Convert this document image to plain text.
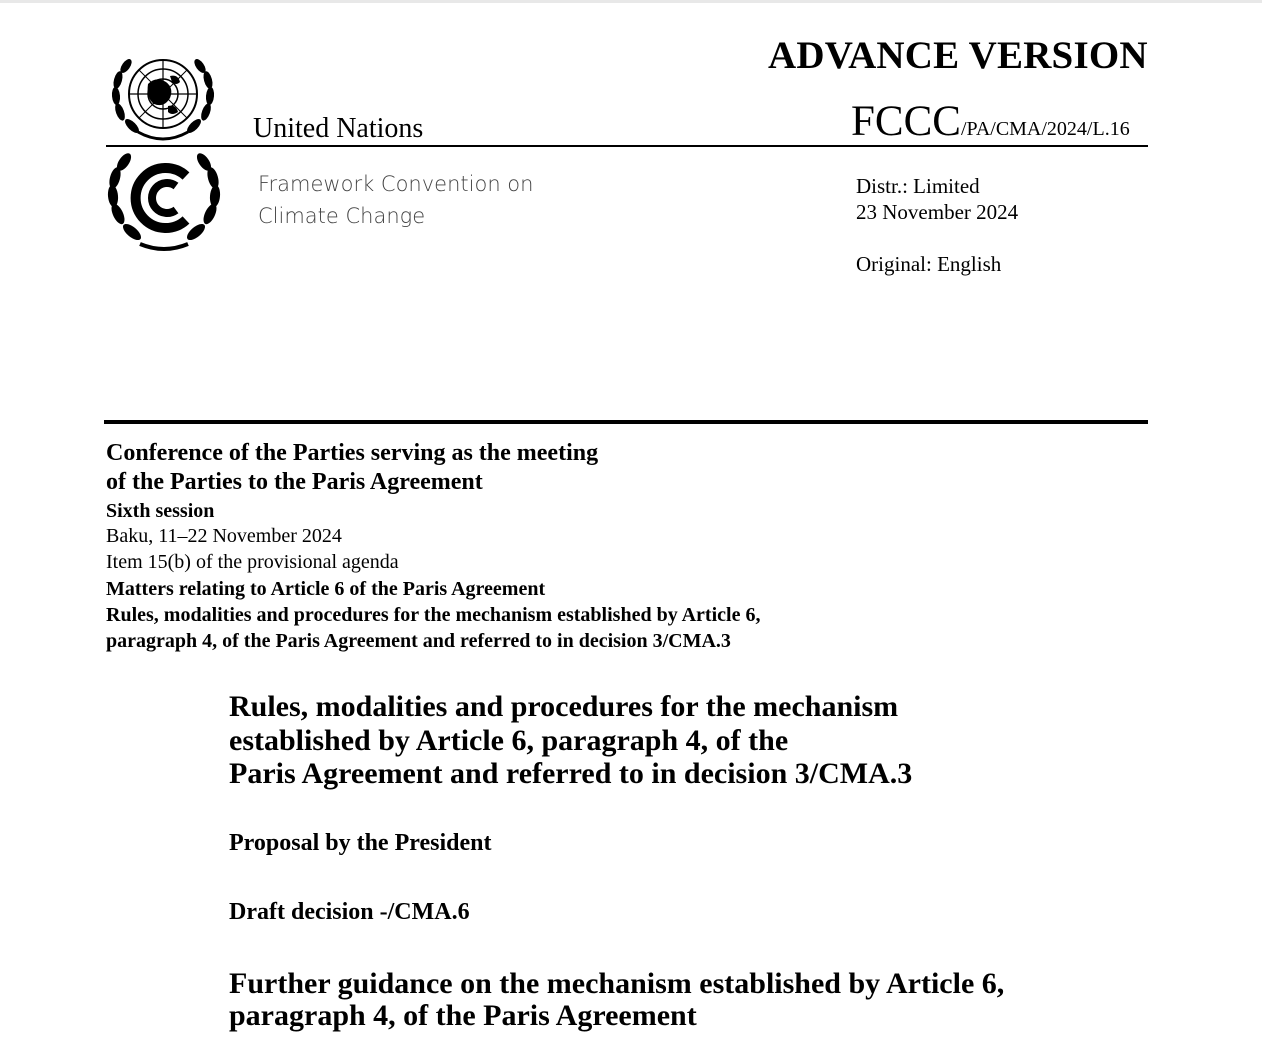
ADVANCE VERSION
FCCC/PA/CMA/2024/L.16
United Nations
Framework Convention on
Climate Change
Distr.: Limited
23 November 2024
Original: English
Conference of the Parties serving as the meeting
of the Parties to the Paris Agreement
Sixth session
Baku, 11–22 November 2024
Item 15(b) of the provisional agenda
Matters relating to Article 6 of the Paris Agreement
Rules, modalities and procedures for the mechanism established by Article 6,
paragraph 4, of the Paris Agreement and referred to in decision 3/CMA.3
Rules, modalities and procedures for the mechanism
established by Article 6, paragraph 4, of the
Paris Agreement and referred to in decision 3/CMA.3
Proposal by the President
Draft decision -/CMA.6
Further guidance on the mechanism established by Article 6,
paragraph 4, of the Paris Agreement
